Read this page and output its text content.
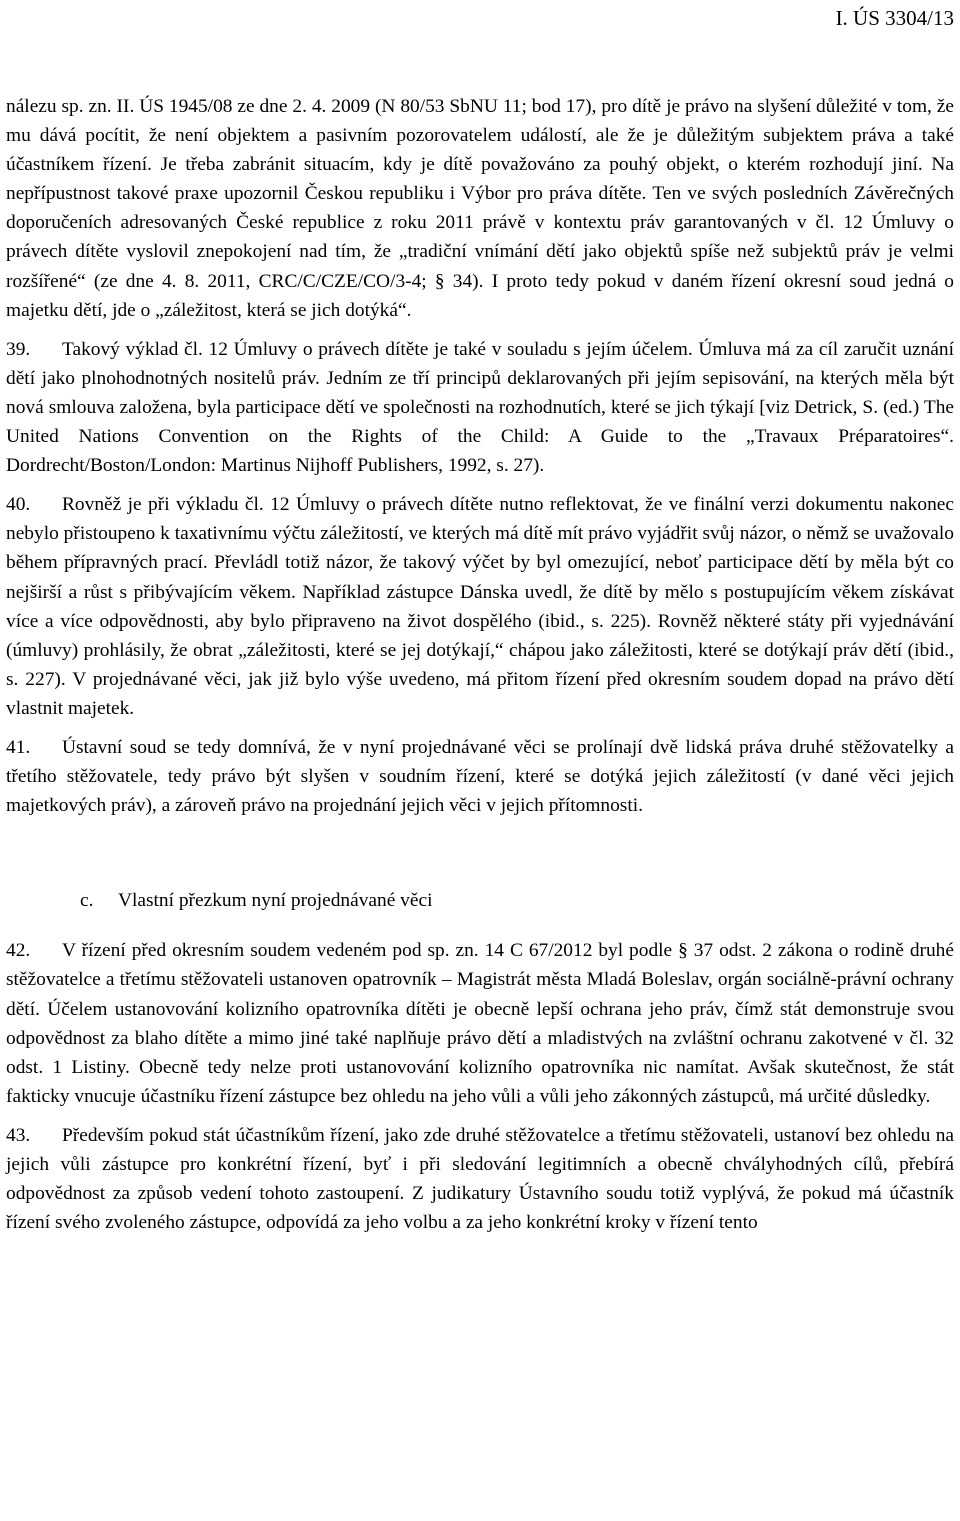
I. ÚS 3304/13

nálezu sp. zn. II. ÚS 1945/08 ze dne 2. 4. 2009 (N 80/53 SbNU 11; bod 17), pro dítě je právo na slyšení důležité v tom, že mu dává pocítit, že není objektem a pasivním pozorovatelem událostí, ale že je důležitým subjektem práva a také účastníkem řízení. Je třeba zabránit situacím, kdy je dítě považováno za pouhý objekt, o kterém rozhodují jiní. Na nepřípustnost takové praxe upozornil Českou republiku i Výbor pro práva dítěte. Ten ve svých posledních Závěrečných doporučeních adresovaných České republice z roku 2011 právě v kontextu práv garantovaných v čl. 12 Úmluvy o právech dítěte vyslovil znepokojení nad tím, že „tradiční vnímání dětí jako objektů spíše než subjektů práv je velmi rozšířené“ (ze dne 4. 8. 2011, CRC/C/CZE/CO/3-4; § 34). I proto tedy pokud v daném řízení okresní soud jedná o majetku dětí, jde o „záležitost, která se jich dotýká“.

39. Takový výklad čl. 12 Úmluvy o právech dítěte je také v souladu s jejím účelem. Úmluva má za cíl zaručit uznání dětí jako plnohodnotných nositelů práv. Jedním ze tří principů deklarovaných při jejím sepisování, na kterých měla být nová smlouva založena, byla participace dětí ve společnosti na rozhodnutích, které se jich týkají [viz Detrick, S. (ed.) The United Nations Convention on the Rights of the Child: A Guide to the „Travaux Préparatoires“. Dordrecht/Boston/London: Martinus Nijhoff Publishers, 1992, s. 27).

40. Rovněž je při výkladu čl. 12 Úmluvy o právech dítěte nutno reflektovat, že ve finální verzi dokumentu nakonec nebylo přistoupeno k taxativnímu výčtu záležitostí, ve kterých má dítě mít právo vyjádřit svůj názor, o němž se uvažovalo během přípravných prací. Převládl totiž názor, že takový výčet by byl omezující, neboť participace dětí by měla být co nejširší a růst s přibývajícím věkem. Například zástupce Dánska uvedl, že dítě by mělo s postupujícím věkem získávat více a více odpovědnosti, aby bylo připraveno na život dospělého (ibid., s. 225). Rovněž některé státy při vyjednávání (úmluvy) prohlásily, že obrat „záležitosti, které se jej dotýkají,“ chápou jako záležitosti, které se dotýkají práv dětí (ibid., s. 227). V projednávané věci, jak již bylo výše uvedeno, má přitom řízení před okresním soudem dopad na právo dětí vlastnit majetek.

41. Ústavní soud se tedy domnívá, že v nyní projednávané věci se prolínají dvě lidská práva druhé stěžovatelky a třetího stěžovatele, tedy právo být slyšen v soudním řízení, které se dotýká jejich záležitostí (v dané věci jejich majetkových práv), a zároveň právo na projednání jejich věci v jejich přítomnosti.

c. Vlastní přezkum nyní projednávané věci

42. V řízení před okresním soudem vedeném pod sp. zn. 14 C 67/2012 byl podle § 37 odst. 2 zákona o rodině druhé stěžovatelce a třetímu stěžovateli ustanoven opatrovník – Magistrát města Mladá Boleslav, orgán sociálně-právní ochrany dětí. Účelem ustanovování kolizního opatrovníka dítěti je obecně lepší ochrana jeho práv, čímž stát demonstruje svou odpovědnost za blaho dítěte a mimo jiné také naplňuje právo dětí a mladistvých na zvláštní ochranu zakotvené v čl. 32 odst. 1 Listiny. Obecně tedy nelze proti ustanovování kolizního opatrovníka nic namítat. Avšak skutečnost, že stát fakticky vnucuje účastníku řízení zástupce bez ohledu na jeho vůli a vůli jeho zákonných zástupců, má určité důsledky.

43. Především pokud stát účastníkům řízení, jako zde druhé stěžovatelce a třetímu stěžovateli, ustanoví bez ohledu na jejich vůli zástupce pro konkrétní řízení, byť i při sledování legitimních a obecně chvályhodných cílů, přebírá odpovědnost za způsob vedení tohoto zastoupení. Z judikatury Ústavního soudu totiž vyplývá, že pokud má účastník řízení svého zvoleného zástupce, odpovídá za jeho volbu a za jeho konkrétní kroky v řízení tento
